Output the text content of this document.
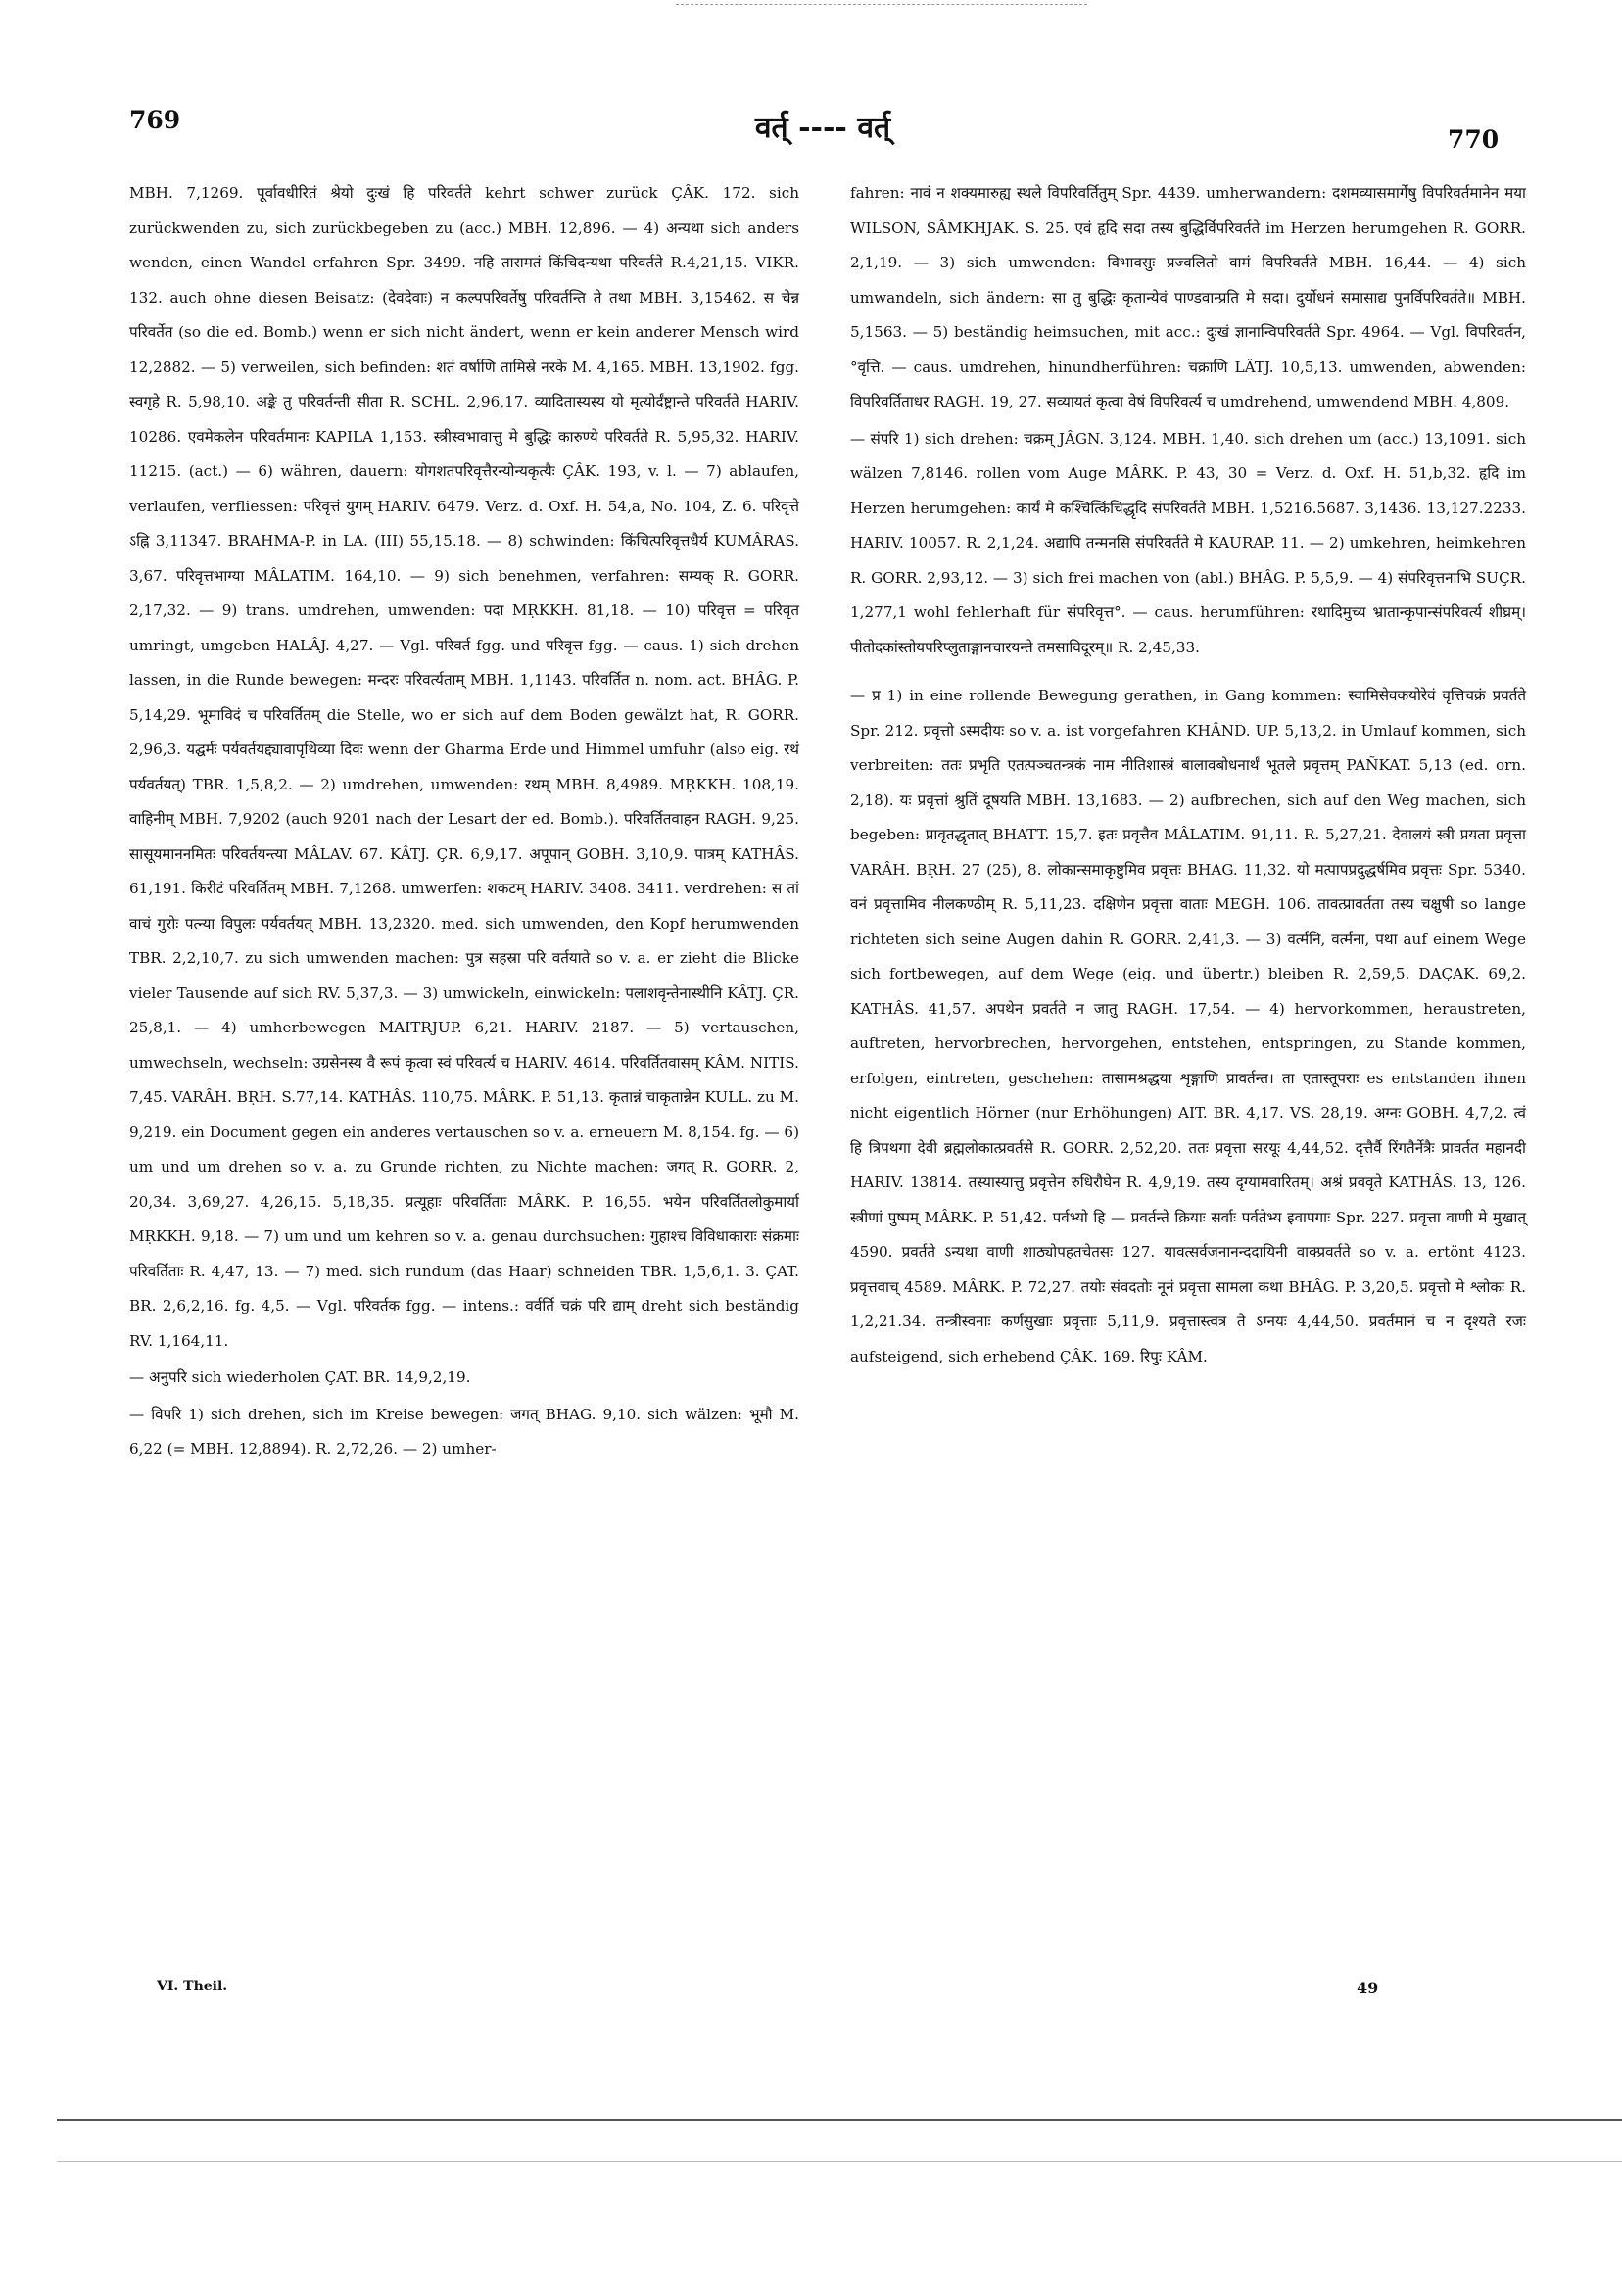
769	वर्त् ---- वर्त्	770

MBH. 7,1269. पूर्वावधीरितं श्रेयो दुःखं हि परिवर्तते kehrt schwer zurück ÇÂK. 172. sich zurückwenden zu, sich zurückbegeben zu (acc.) MBH. 12,896. — 4) अन्यथा sich anders wenden, einen Wandel erfahren Spr. 3499. नहि तारामतं किंचिदन्यथा परिवर्तते R.4,21,15. VIKR. 132. auch ohne diesen Beisatz: (देवदेवाः) न कल्पपरिवर्तेषु परिवर्तन्ति ते तथा MBH. 3,15462. स चेन्न परिवर्तेत (so die ed. Bomb.) wenn er sich nicht ändert, wenn er kein anderer Mensch wird 12,2882. — 5) verweilen, sich befinden: शतं वर्षाणि तामिस्रे नरके M. 4,165. MBH. 13,1902. fgg. स्वगृहे R. 5,98,10. अङ्के तु परिवर्तन्ती सीता R. SCHL. 2,96,17. व्यादितास्यस्य यो मृत्योर्दंष्ट्रान्ते परिवर्तते HARIV. 10286. एवमेकलेन परिवर्तमानः KAPILA 1,153. स्त्रीस्वभावात्तु मे बुद्धिः कारुण्ये परिवर्तते R. 5,95,32. HARIV. 11215. (act.) — 6) währen, dauern: योगशतपरिवृत्तैरन्योन्यकृत्यैः ÇÂK. 193, v. l. — 7) ablaufen, verlaufen, verfliessen: परिवृत्तं युगम् HARIV. 6479. Verz. d. Oxf. H. 54,a, No. 104, Z. 6. परिवृत्ते ऽह्नि 3,11347. BRAHMA-P. in LA. (III) 55,15.18. — 8) schwinden: किंचित्परिवृत्तधैर्य KUMÂRAS. 3,67. परिवृत्तभाग्या MÂLATIM. 164,10. — 9) sich benehmen, verfahren: सम्यक् R. GORR. 2,17,32. — 9) trans. umdrehen, umwenden: पदा MṚKKH. 81,18. — 10) परिवृत्त = परिवृत umringt, umgeben HALÂJ. 4,27. — Vgl. परिवर्त fgg. und परिवृत्त fgg. — caus. 1) sich drehen lassen, in die Runde bewegen: मन्दरः परिवर्त्यताम् MBH. 1,1143. परिवर्तित n. nom. act. BHÂG. P. 5,14,29. भूमाविदं च परिवर्तितम् die Stelle, wo er sich auf dem Boden gewälzt hat, R. GORR. 2,96,3. यद्घर्मः पर्यवर्तयद्द्यावापृथिव्या दिवः wenn der Gharma Erde und Himmel umfuhr (also eig. रथं पर्यवर्तयत्) TBR. 1,5,8,2. — 2) umdrehen, umwenden: रथम् MBH. 8,4989. MṚKKH. 108,19. वाहिनीम् MBH. 7,9202 (auch 9201 nach der Lesart der ed. Bomb.). परिवर्तितवाहन RAGH. 9,25. सासूयमाननमितः परिवर्तयन्त्या MÂLAV. 67. KÂTJ. ÇR. 6,9,17. अपूपान् GOBH. 3,10,9. पात्रम् KATHÂS. 61,191. किरीटं परिवर्तितम् MBH. 7,1268. umwerfen: शकटम् HARIV. 3408. 3411. verdrehen: स तां वाचं गुरोः पत्न्या विपुलः पर्यवर्तयत् MBH. 13,2320. med. sich umwenden, den Kopf herumwenden TBR. 2,2,10,7. zu sich umwenden machen: पुत्र सहस्रा परि वर्तयाते so v. a. er zieht die Blicke vieler Tausende auf sich RV. 5,37,3. — 3) umwickeln, einwickeln: पलाशवृन्तेनास्थीनि KÂTJ. ÇR. 25,8,1. — 4) umherbewegen MAITRJUP. 6,21. HARIV. 2187. — 5) vertauschen, umwechseln, wechseln: उग्रसेनस्य वै रूपं कृत्वा स्वं परिवर्त्य च HARIV. 4614. परिवर्तितवासम् KÂM. NITIS. 7,45. VARÂH. BṚH. S.77,14. KATHÂS. 110,75. MÂRK. P. 51,13. कृतान्नं चाकृतान्नेन KULL. zu M. 9,219. ein Document gegen ein anderes vertauschen so v. a. erneuern M. 8,154. fg. — 6) um und um drehen so v. a. zu Grunde richten, zu Nichte machen: जगत् R. GORR. 2, 20,34. 3,69,27. 4,26,15. 5,18,35. प्रत्यूहाः परिवर्तिताः MÂRK. P. 16,55. भयेन परिवर्तितलोकुमार्या MṚKKH. 9,18. — 7) um und um kehren so v. a. genau durchsuchen: गुहाश्च विविधाकाराः संक्रमाः परिवर्तिताः R. 4,47, 13. — 7) med. sich rundum (das Haar) schneiden TBR. 1,5,6,1. 3. ÇAT. BR. 2,6,2,16. fg. 4,5. — Vgl. परिवर्तक fgg. — intens.: वर्वर्ति चक्रं परि द्याम् dreht sich beständig RV. 1,164,11.

— अनुपरि sich wiederholen ÇAT. BR. 14,9,2,19.

— विपरि 1) sich drehen, sich im Kreise bewegen: जगत् BHAG. 9,10. sich wälzen: भूमौ M. 6,22 (= MBH. 12,8894). R. 2,72,26. — 2) umher-

fahren: नावं न शक्यमारुह्य स्थले विपरिवर्तितुम् Spr. 4439. umherwandern: दशमव्यासमार्गेषु विपरिवर्तमानेन मया WILSON, SÂMKHJAK. S. 25. एवं हृदि सदा तस्य बुद्धिर्विपरिवर्तते im Herzen herumgehen R. GORR. 2,1,19. — 3) sich umwenden: विभावसुः प्रज्वलितो वामं विपरिवर्तते MBH. 16,44. — 4) sich umwandeln, sich ändern: सा तु बुद्धिः कृतान्येवं पाण्डवान्प्रति मे सदा। दुर्योधनं समासाद्य पुनर्विपरिवर्तते॥ MBH. 5,1563. — 5) beständig heimsuchen, mit acc.: दुःखं ज्ञानान्विपरिवर्तते Spr. 4964. — Vgl. विपरिवर्तन, °वृत्ति. — caus. umdrehen, hinundherführen: चक्राणि LÂTJ. 10,5,13. umwenden, abwenden: विपरिवर्तिताधर RAGH. 19, 27. सव्यायतं कृत्वा वेषं विपरिवर्त्य च umdrehend, umwendend MBH. 4,809.

— संपरि 1) sich drehen: चक्रम् JÂGN. 3,124. MBH. 1,40. sich drehen um (acc.) 13,1091. sich wälzen 7,8146. rollen vom Auge MÂRK. P. 43, 30 = Verz. d. Oxf. H. 51,b,32. हृदि im Herzen herumgehen: कार्यं मे कश्चित्किंचिद्धृदि संपरिवर्तते MBH. 1,5216.5687. 3,1436. 13,127.2233. HARIV. 10057. R. 2,1,24. अद्यापि तन्मनसि संपरिवर्तते मे KAURAP. 11. — 2) umkehren, heimkehren R. GORR. 2,93,12. — 3) sich frei machen von (abl.) BHÂG. P. 5,5,9. — 4) संपरिवृत्तनाभि SUÇR. 1,277,1 wohl fehlerhaft für संपरिवृत्त°. — caus. herumführen: रथादिमुच्य भ्रातान्कृपान्संपरिवर्त्य शीघ्रम्। पीतोदकांस्तोयपरिप्लुताङ्गानचारयन्ते तमसाविदूरम्॥ R. 2,45,33.

— प्र 1) in eine rollende Bewegung gerathen, in Gang kommen: स्वामिसेवकयोरेवं वृत्तिचक्रं प्रवर्तते Spr. 212. प्रवृत्तो ऽस्मदीयः so v. a. ist vorgefahren KHÂND. UP. 5,13,2. in Umlauf kommen, sich verbreiten: ततः प्रभृति एतत्पञ्चतन्त्रकं नाम नीतिशास्त्रं बालावबोधनार्थं भूतले प्रवृत्तम् PAÑKAT. 5,13 (ed. orn. 2,18). यः प्रवृत्तां श्रुतिं दूषयति MBH. 13,1683. — 2) aufbrechen, sich auf den Weg machen, sich begeben: प्रावृतद्धृतात् BHATT. 15,7. इतः प्रवृत्तैव MÂLATIM. 91,11. R. 5,27,21. देवालयं स्त्री प्रयता प्रवृत्ता VARÂH. BṚH. 27 (25), 8. लोकान्समाकृष्टुमिव प्रवृत्तः BHAG. 11,32. यो मत्पापप्रदुद्धर्षमिव प्रवृत्तः Spr. 5340. वनं प्रवृत्तामिव नीलकण्ठीम् R. 5,11,23. दक्षिणेन प्रवृत्ता वाताः MEGH. 106. तावत्प्रावर्तता तस्य चक्षुषी so lange richteten sich seine Augen dahin R. GORR. 2,41,3. — 3) वर्त्मनि, वर्त्मना, पथा auf einem Wege sich fortbewegen, auf dem Wege (eig. und übertr.) bleiben R. 2,59,5. DAÇAK. 69,2. KATHÂS. 41,57. अपथेन प्रवर्तते न जातु RAGH. 17,54. — 4) hervorkommen, heraustreten, auftreten, hervorbrechen, hervorgehen, entstehen, entspringen, zu Stande kommen, erfolgen, eintreten, geschehen: तासामश्रद्धया शृङ्गाणि प्रावर्तन्त। ता एतास्तूपराः es entstanden ihnen nicht eigentlich Hörner (nur Erhöhungen) AIT. BR. 4,17. VS. 28,19. अग्नः GOBH. 4,7,2. त्वं हि त्रिपथगा देवी ब्रह्मलोकात्प्रवर्तसे R. GORR. 2,52,20. ततः प्रवृत्ता सरयूः 4,44,52. दृत्तैर्वै रिंगतैर्नेत्रैः प्रावर्तत महानदी HARIV. 13814. तस्यास्यात्तु प्रवृत्तेन रुधिरौघेन R. 4,9,19. तस्य दृग्यामवारितम्। अश्रं प्रववृते KATHÂS. 13, 126. स्त्रीणां पुष्पम् MÂRK. P. 51,42. पर्वभ्यो हि — प्रवर्तन्ते क्रियाः सर्वाः पर्वतेभ्य इवापगाः Spr. 227. प्रवृत्ता वाणी मे मुखात् 4590. प्रवर्तते ऽन्यथा वाणी शाठ्योपहतचेतसः 127. यावत्सर्वजनानन्ददायिनी वाक्प्रवर्तते so v. a. ertönt 4123. प्रवृत्तवाच् 4589. MÂRK. P. 72,27. तयोः संवदतोः नूनं प्रवृत्ता सामला कथा BHÂG. P. 3,20,5. प्रवृत्तो मे श्लोकः R. 1,2,21.34. तन्त्रीस्वनाः कर्णसुखाः प्रवृत्ताः 5,11,9. प्रवृत्तास्त्वत्र ते ऽग्नयः 4,44,50. प्रवर्तमानं च न दृश्यते रजः aufsteigend, sich erhebend ÇÂK. 169. रिपुः KÂM.

VI. Theil.	49
